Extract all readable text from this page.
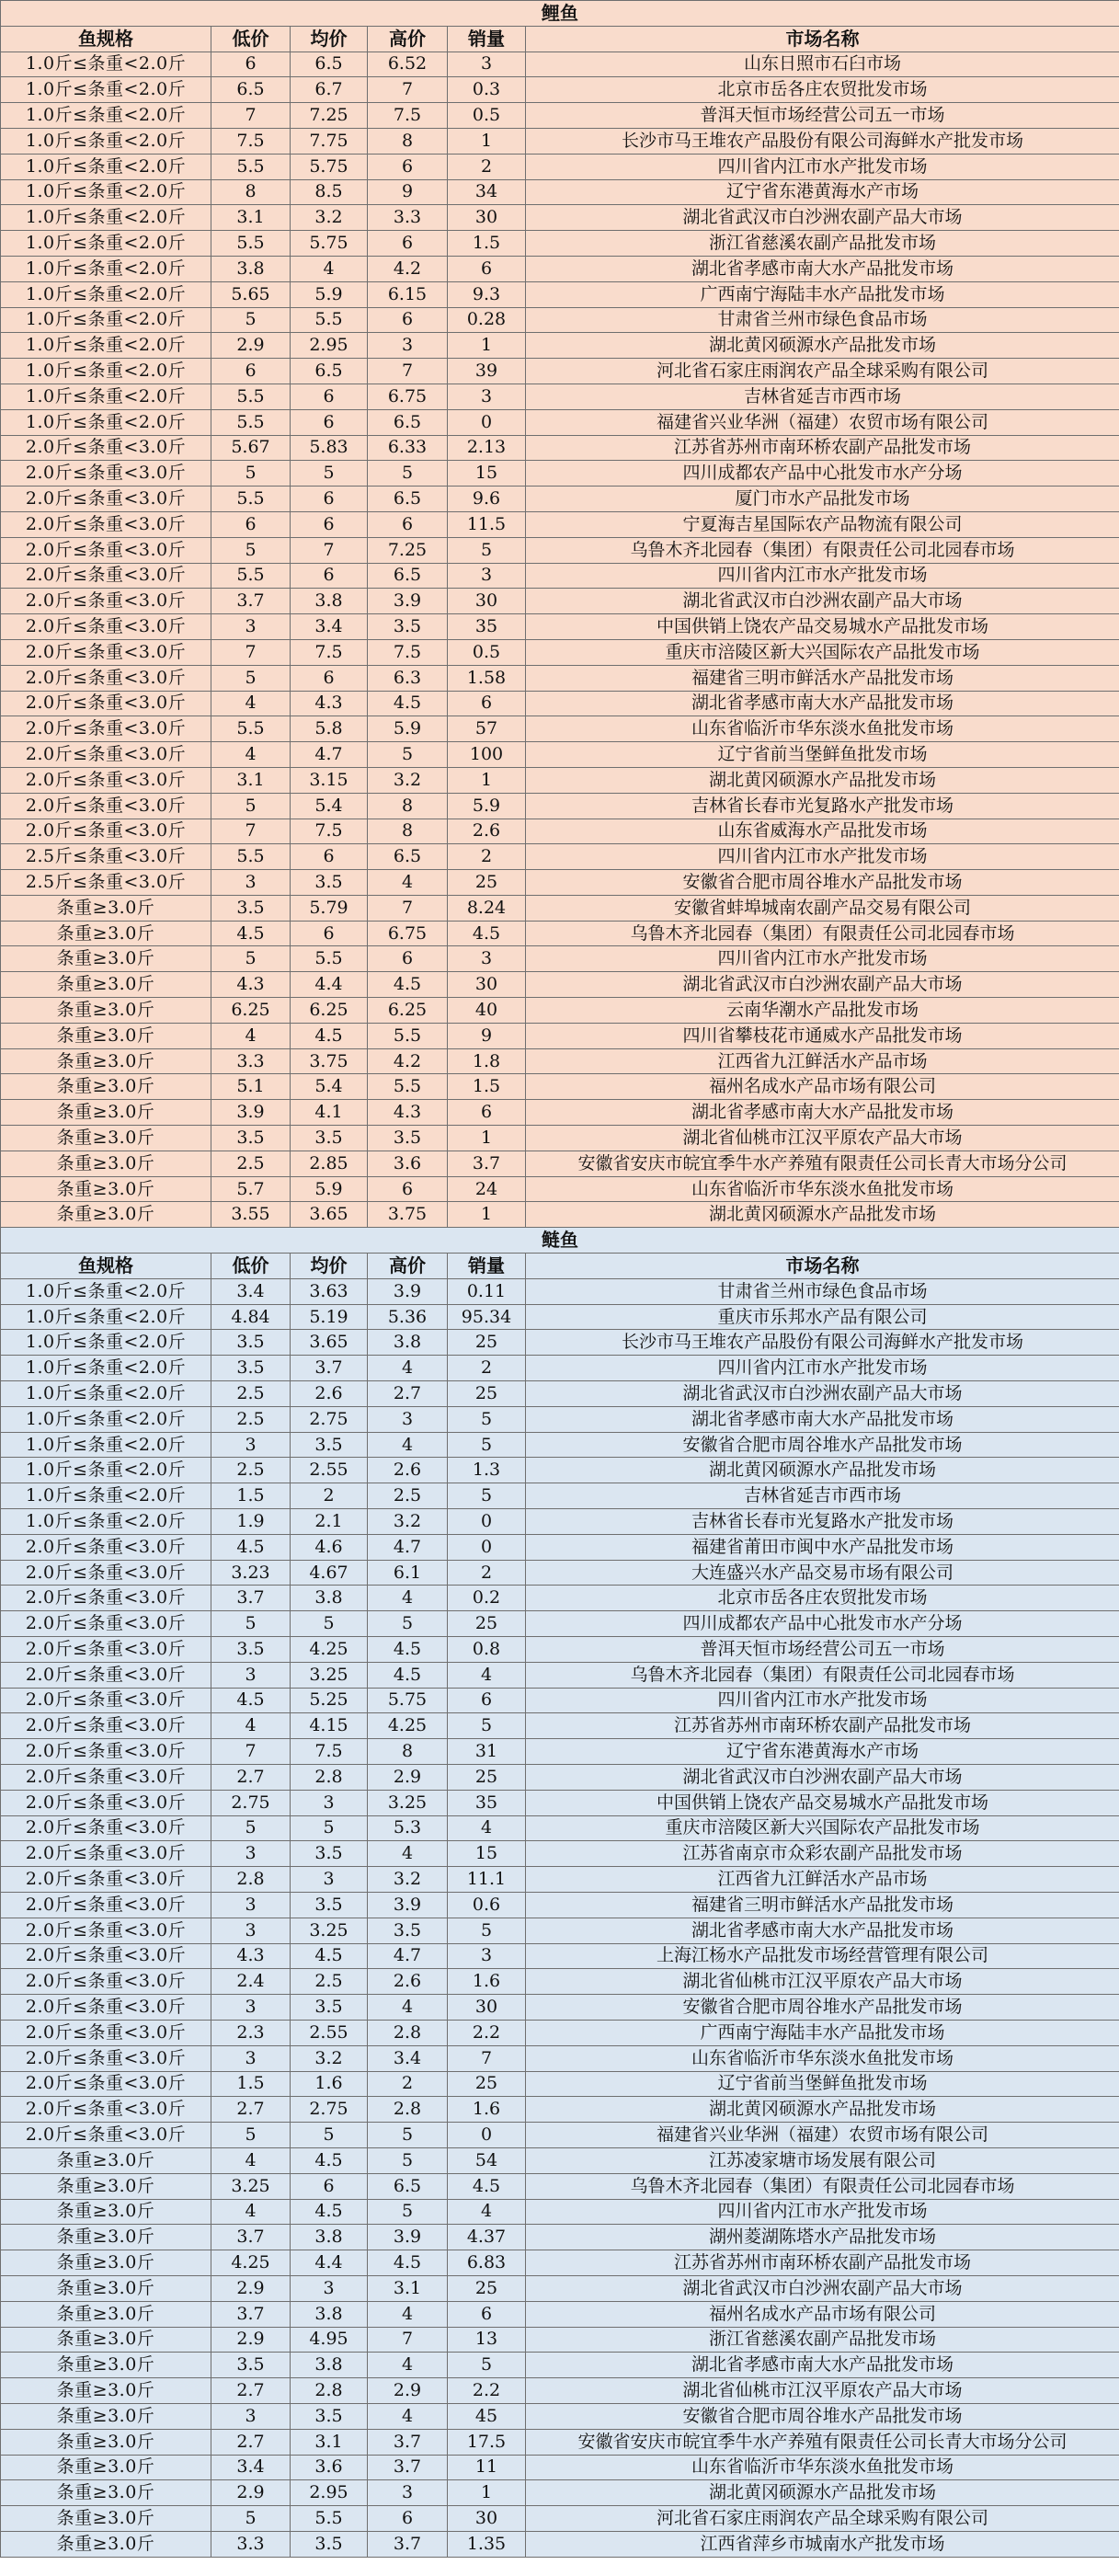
鲤鱼					
鱼规格	低价	均价	高价	销量	市场名称
1.0斤≤条重<2.0斤	6	6.5	6.52	3	山东日照市石臼市场
1.0斤≤条重<2.0斤	6.5	6.7	7	0.3	北京市岳各庄农贸批发市场
1.0斤≤条重<2.0斤	7	7.25	7.5	0.5	普洱天恒市场经营公司五一市场
1.0斤≤条重<2.0斤	7.5	7.75	8	1	长沙市马王堆农产品股份有限公司海鲜水产批发市场
1.0斤≤条重<2.0斤	5.5	5.75	6	2	四川省内江市水产批发市场
1.0斤≤条重<2.0斤	8	8.5	9	34	辽宁省东港黄海水产市场
1.0斤≤条重<2.0斤	3.1	3.2	3.3	30	湖北省武汉市白沙洲农副产品大市场
1.0斤≤条重<2.0斤	5.5	5.75	6	1.5	浙江省慈溪农副产品批发市场
1.0斤≤条重<2.0斤	3.8	4	4.2	6	湖北省孝感市南大水产品批发市场
1.0斤≤条重<2.0斤	5.65	5.9	6.15	9.3	广西南宁海陆丰水产品批发市场
1.0斤≤条重<2.0斤	5	5.5	6	0.28	甘肃省兰州市绿色食品市场
1.0斤≤条重<2.0斤	2.9	2.95	3	1	湖北黄冈硕源水产品批发市场
1.0斤≤条重<2.0斤	6	6.5	7	39	河北省石家庄雨润农产品全球采购有限公司
1.0斤≤条重<2.0斤	5.5	6	6.75	3	吉林省延吉市西市场
1.0斤≤条重<2.0斤	5.5	6	6.5	0	福建省兴业华洲（福建）农贸市场有限公司
2.0斤≤条重<3.0斤	5.67	5.83	6.33	2.13	江苏省苏州市南环桥农副产品批发市场
2.0斤≤条重<3.0斤	5	5	5	15	四川成都农产品中心批发市水产分场
2.0斤≤条重<3.0斤	5.5	6	6.5	9.6	厦门市水产品批发市场
2.0斤≤条重<3.0斤	6	6	6	11.5	宁夏海吉星国际农产品物流有限公司
2.0斤≤条重<3.0斤	5	7	7.25	5	乌鲁木齐北园春（集团）有限责任公司北园春市场
2.0斤≤条重<3.0斤	5.5	6	6.5	3	四川省内江市水产批发市场
2.0斤≤条重<3.0斤	3.7	3.8	3.9	30	湖北省武汉市白沙洲农副产品大市场
2.0斤≤条重<3.0斤	3	3.4	3.5	35	中国供销上饶农产品交易城水产品批发市场
2.0斤≤条重<3.0斤	7	7.5	7.5	0.5	重庆市涪陵区新大兴国际农产品批发市场
2.0斤≤条重<3.0斤	5	6	6.3	1.58	福建省三明市鲜活水产品批发市场
2.0斤≤条重<3.0斤	4	4.3	4.5	6	湖北省孝感市南大水产品批发市场
2.0斤≤条重<3.0斤	5.5	5.8	5.9	57	山东省临沂市华东淡水鱼批发市场
2.0斤≤条重<3.0斤	4	4.7	5	100	辽宁省前当堡鲜鱼批发市场
2.0斤≤条重<3.0斤	3.1	3.15	3.2	1	湖北黄冈硕源水产品批发市场
2.0斤≤条重<3.0斤	5	5.4	8	5.9	吉林省长春市光复路水产批发市场
2.0斤≤条重<3.0斤	7	7.5	8	2.6	山东省威海水产品批发市场
2.5斤≤条重<3.0斤	5.5	6	6.5	2	四川省内江市水产批发市场
2.5斤≤条重<3.0斤	3	3.5	4	25	安徽省合肥市周谷堆水产品批发市场
条重≥3.0斤	3.5	5.79	7	8.24	安徽省蚌埠城南农副产品交易有限公司
条重≥3.0斤	4.5	6	6.75	4.5	乌鲁木齐北园春（集团）有限责任公司北园春市场
条重≥3.0斤	5	5.5	6	3	四川省内江市水产批发市场
条重≥3.0斤	4.3	4.4	4.5	30	湖北省武汉市白沙洲农副产品大市场
条重≥3.0斤	6.25	6.25	6.25	40	云南华潮水产品批发市场
条重≥3.0斤	4	4.5	5.5	9	四川省攀枝花市通威水产品批发市场
条重≥3.0斤	3.3	3.75	4.2	1.8	江西省九江鲜活水产品市场
条重≥3.0斤	5.1	5.4	5.5	1.5	福州名成水产品市场有限公司
条重≥3.0斤	3.9	4.1	4.3	6	湖北省孝感市南大水产品批发市场
条重≥3.0斤	3.5	3.5	3.5	1	湖北省仙桃市江汉平原农产品大市场
条重≥3.0斤	2.5	2.85	3.6	3.7	安徽省安庆市皖宜季牛水产养殖有限责任公司长青大市场分公司
条重≥3.0斤	5.7	5.9	6	24	山东省临沂市华东淡水鱼批发市场
条重≥3.0斤	3.55	3.65	3.75	1	湖北黄冈硕源水产品批发市场
鲢鱼					
鱼规格	低价	均价	高价	销量	市场名称
1.0斤≤条重<2.0斤	3.4	3.63	3.9	0.11	甘肃省兰州市绿色食品市场
1.0斤≤条重<2.0斤	4.84	5.19	5.36	95.34	重庆市乐邦水产品有限公司
1.0斤≤条重<2.0斤	3.5	3.65	3.8	25	长沙市马王堆农产品股份有限公司海鲜水产批发市场
1.0斤≤条重<2.0斤	3.5	3.7	4	2	四川省内江市水产批发市场
1.0斤≤条重<2.0斤	2.5	2.6	2.7	25	湖北省武汉市白沙洲农副产品大市场
1.0斤≤条重<2.0斤	2.5	2.75	3	5	湖北省孝感市南大水产品批发市场
1.0斤≤条重<2.0斤	3	3.5	4	5	安徽省合肥市周谷堆水产品批发市场
1.0斤≤条重<2.0斤	2.5	2.55	2.6	1.3	湖北黄冈硕源水产品批发市场
1.0斤≤条重<2.0斤	1.5	2	2.5	5	吉林省延吉市西市场
1.0斤≤条重<2.0斤	1.9	2.1	3.2	0	吉林省长春市光复路水产批发市场
2.0斤≤条重<3.0斤	4.5	4.6	4.7	0	福建省莆田市闽中水产品批发市场
2.0斤≤条重<3.0斤	3.23	4.67	6.1	2	大连盛兴水产品交易市场有限公司
2.0斤≤条重<3.0斤	3.7	3.8	4	0.2	北京市岳各庄农贸批发市场
2.0斤≤条重<3.0斤	5	5	5	25	四川成都农产品中心批发市水产分场
2.0斤≤条重<3.0斤	3.5	4.25	4.5	0.8	普洱天恒市场经营公司五一市场
2.0斤≤条重<3.0斤	3	3.25	4.5	4	乌鲁木齐北园春（集团）有限责任公司北园春市场
2.0斤≤条重<3.0斤	4.5	5.25	5.75	6	四川省内江市水产批发市场
2.0斤≤条重<3.0斤	4	4.15	4.25	5	江苏省苏州市南环桥农副产品批发市场
2.0斤≤条重<3.0斤	7	7.5	8	31	辽宁省东港黄海水产市场
2.0斤≤条重<3.0斤	2.7	2.8	2.9	25	湖北省武汉市白沙洲农副产品大市场
2.0斤≤条重<3.0斤	2.75	3	3.25	35	中国供销上饶农产品交易城水产品批发市场
2.0斤≤条重<3.0斤	5	5	5.3	4	重庆市涪陵区新大兴国际农产品批发市场
2.0斤≤条重<3.0斤	3	3.5	4	15	江苏省南京市众彩农副产品批发市场
2.0斤≤条重<3.0斤	2.8	3	3.2	11.1	江西省九江鲜活水产品市场
2.0斤≤条重<3.0斤	3	3.5	3.9	0.6	福建省三明市鲜活水产品批发市场
2.0斤≤条重<3.0斤	3	3.25	3.5	5	湖北省孝感市南大水产品批发市场
2.0斤≤条重<3.0斤	4.3	4.5	4.7	3	上海江杨水产品批发市场经营管理有限公司
2.0斤≤条重<3.0斤	2.4	2.5	2.6	1.6	湖北省仙桃市江汉平原农产品大市场
2.0斤≤条重<3.0斤	3	3.5	4	30	安徽省合肥市周谷堆水产品批发市场
2.0斤≤条重<3.0斤	2.3	2.55	2.8	2.2	广西南宁海陆丰水产品批发市场
2.0斤≤条重<3.0斤	3	3.2	3.4	7	山东省临沂市华东淡水鱼批发市场
2.0斤≤条重<3.0斤	1.5	1.6	2	25	辽宁省前当堡鲜鱼批发市场
2.0斤≤条重<3.0斤	2.7	2.75	2.8	1.6	湖北黄冈硕源水产品批发市场
2.0斤≤条重<3.0斤	5	5	5	0	福建省兴业华洲（福建）农贸市场有限公司
条重≥3.0斤	4	4.5	5	54	江苏凌家塘市场发展有限公司
条重≥3.0斤	3.25	6	6.5	4.5	乌鲁木齐北园春（集团）有限责任公司北园春市场
条重≥3.0斤	4	4.5	5	4	四川省内江市水产批发市场
条重≥3.0斤	3.7	3.8	3.9	4.37	湖州菱湖陈塔水产品批发市场
条重≥3.0斤	4.25	4.4	4.5	6.83	江苏省苏州市南环桥农副产品批发市场
条重≥3.0斤	2.9	3	3.1	25	湖北省武汉市白沙洲农副产品大市场
条重≥3.0斤	3.7	3.8	4	6	福州名成水产品市场有限公司
条重≥3.0斤	2.9	4.95	7	13	浙江省慈溪农副产品批发市场
条重≥3.0斤	3.5	3.8	4	5	湖北省孝感市南大水产品批发市场
条重≥3.0斤	2.7	2.8	2.9	2.2	湖北省仙桃市江汉平原农产品大市场
条重≥3.0斤	3	3.5	4	45	安徽省合肥市周谷堆水产品批发市场
条重≥3.0斤	2.7	3.1	3.7	17.5	安徽省安庆市皖宜季牛水产养殖有限责任公司长青大市场分公司
条重≥3.0斤	3.4	3.6	3.7	11	山东省临沂市华东淡水鱼批发市场
条重≥3.0斤	2.9	2.95	3	1	湖北黄冈硕源水产品批发市场
条重≥3.0斤	5	5.5	6	30	河北省石家庄雨润农产品全球采购有限公司
条重≥3.0斤	3.3	3.5	3.7	1.35	江西省萍乡市城南水产批发市场
